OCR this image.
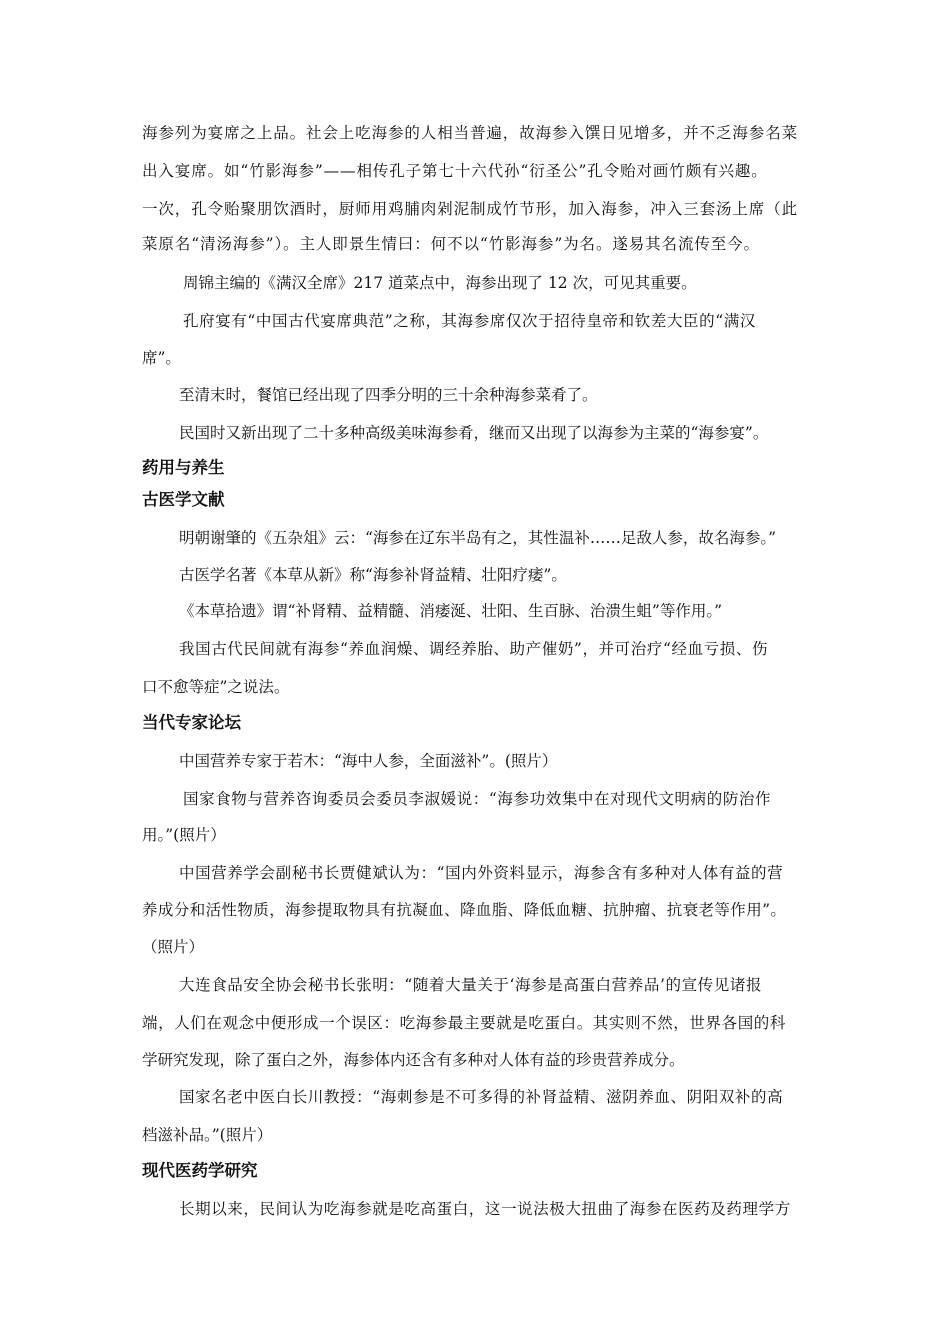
海参列为宴席之上品。社会上吃海参的人相当普遍，故海参入馔日见增多，并不乏海参名菜
出入宴席。如“竹影海参”——相传孔子第七十六代孙“衍圣公”孔令贻对画竹颇有兴趣。
一次，孔令贻聚朋饮酒时，厨师用鸡脯肉剁泥制成竹节形，加入海参，冲入三套汤上席（此
菜原名“清汤海参”）。主人即景生情曰：何不以“竹影海参”为名。遂易其名流传至今。
周锦主编的《满汉全席》217 道菜点中，海参出现了 12 次，可见其重要。
孔府宴有“中国古代宴席典范”之称，其海参席仅次于招待皇帝和钦差大臣的“满汉
席”。
至清末时，餐馆已经出现了四季分明的三十余种海参菜肴了。
民国时又新出现了二十多种高级美味海参肴，继而又出现了以海参为主菜的“海参宴”。
药用与养生
古医学文献
明朝谢肇的《五杂俎》云：“海参在辽东半岛有之，其性温补……足敌人参，故名海参。”
古医学名著《本草从新》称“海参补肾益精、壮阳疗痿”。
《本草拾遗》谓“补肾精、益精髓、消痿涎、壮阳、生百脉、治溃生蛆”等作用。”
我国古代民间就有海参“养血润燥、调经养胎、助产催奶”，并可治疗“经血亏损、伤
口不愈等症”之说法。
当代专家论坛
中国营养专家于若木：“海中人参，全面滋补”。(照片）
国家食物与营养咨询委员会委员李淑媛说：“海参功效集中在对现代文明病的防治作
用。”(照片）
中国营养学会副秘书长贾健斌认为：“国内外资料显示，海参含有多种对人体有益的营
养成分和活性物质，海参提取物具有抗凝血、降血脂、降低血糖、抗肿瘤、抗衰老等作用”。
（照片）
大连食品安全协会秘书长张明：“随着大量关于‘海参是高蛋白营养品’的宣传见诸报
端，人们在观念中便形成一个误区：吃海参最主要就是吃蛋白。其实则不然，世界各国的科
学研究发现，除了蛋白之外，海参体内还含有多种对人体有益的珍贵营养成分。
国家名老中医白长川教授：“海刺参是不可多得的补肾益精、滋阴养血、阴阳双补的高
档滋补品。”(照片）
现代医药学研究
长期以来，民间认为吃海参就是吃高蛋白，这一说法极大扭曲了海参在医药及药理学方
